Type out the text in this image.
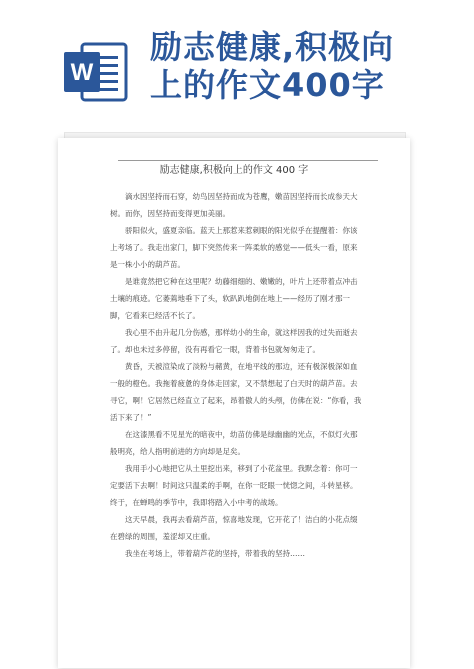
W
励志健康,积极向
上的作文400字
励志健康,积极向上的作文 400 字

滴水因坚持而石穿，幼鸟因坚持而成为苍鹰，嫩苗因坚持而长成参天大树。而你，因坚持而变得更加美丽。

骄阳似火，盛夏亲临。蓝天上那惹来惹刺眼的阳光似乎在提醒着：你该上考场了。我走出家门，脚下突然传来一阵柔软的感觉——低头一看，原来是一株小小的葫芦苗。

是谁竟然把它种在这里呢？幼藤细细的、嫩嫩的，叶片上还带着点冲击土壤的痕迹。它萎蔫地垂下了头，软趴趴地倒在地上——经历了刚才那一脚，它看来已经活不长了。

我心里不由升起几分伤感，那样幼小的生命，就这样因我的过失而逝去了。却也未过多停留，没有再看它一眼，背着书包就匆匆走了。

黄昏，天被渲染成了淡粉与赭黄，在地平线的那边，还有极深极深如血一般的橙色。我拖着疲惫的身体走回家，又不禁想起了白天时的葫芦苗。去寻它，啊！它居然已经直立了起来，昂着傲人的头颅，仿佛在说：“你看，我活下来了！”

在这漆黑看不见星光的暗夜中，幼苗仿佛是绿幽幽的光点，不似灯火那般明亮，给人指明前进的方向却是足矣。

我用手小心地把它从土里挖出来，移到了小花盆里。我默念着：你可一定要活下去啊！时间这只温柔的手啊，在你一眨眼一恍惚之间，斗转星移。终于，在蝉鸣的季节中，我即将踏入小中考的战场。

这天早晨，我再去看葫芦苗，惊喜地发现，它开花了！洁白的小花点缀在碧绿的周围，羞涩却又庄重。

我坐在考场上，带着葫芦花的坚持，带着我的坚持……
